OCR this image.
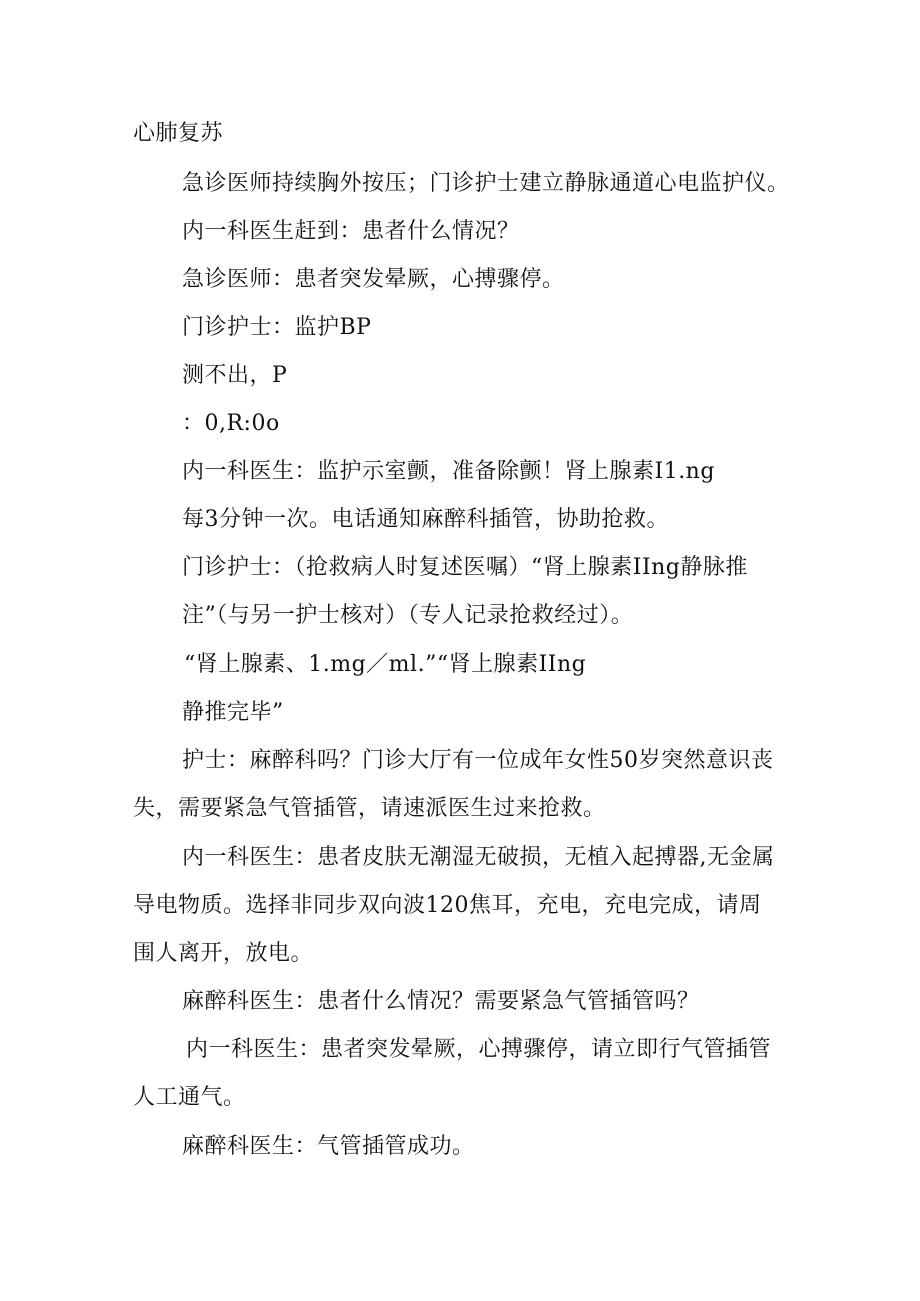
心肺复苏
急诊医师持续胸外按压；门诊护士建立静脉通道心电监护仪。
内一科医生赶到：患者什么情况？
急诊医师：患者突发晕厥，心搏骤停。
门诊护士：监护BP
测不出，P
：0,R:0o
内一科医生：监护示室颤，准备除颤！肾上腺素I1.ng
每3分钟一次。电话通知麻醉科插管，协助抢救。
门诊护士：（抢救病人时复述医嘱）“肾上腺素IIng静脉推
注”（与另一护士核对）（专人记录抢救经过）。
“肾上腺素、1.mg／ml.”“肾上腺素IIng
静推完毕”
护士：麻醉科吗？门诊大厅有一位成年女性50岁突然意识丧
失，需要紧急气管插管，请速派医生过来抢救。
内一科医生：患者皮肤无潮湿无破损，无植入起搏器,无金属
导电物质。选择非同步双向波120焦耳，充电，充电完成，请周
围人离开，放电。
麻醉科医生：患者什么情况？需要紧急气管插管吗？
内一科医生：患者突发晕厥，心搏骤停，请立即行气管插管
人工通气。
麻醉科医生：气管插管成功。
